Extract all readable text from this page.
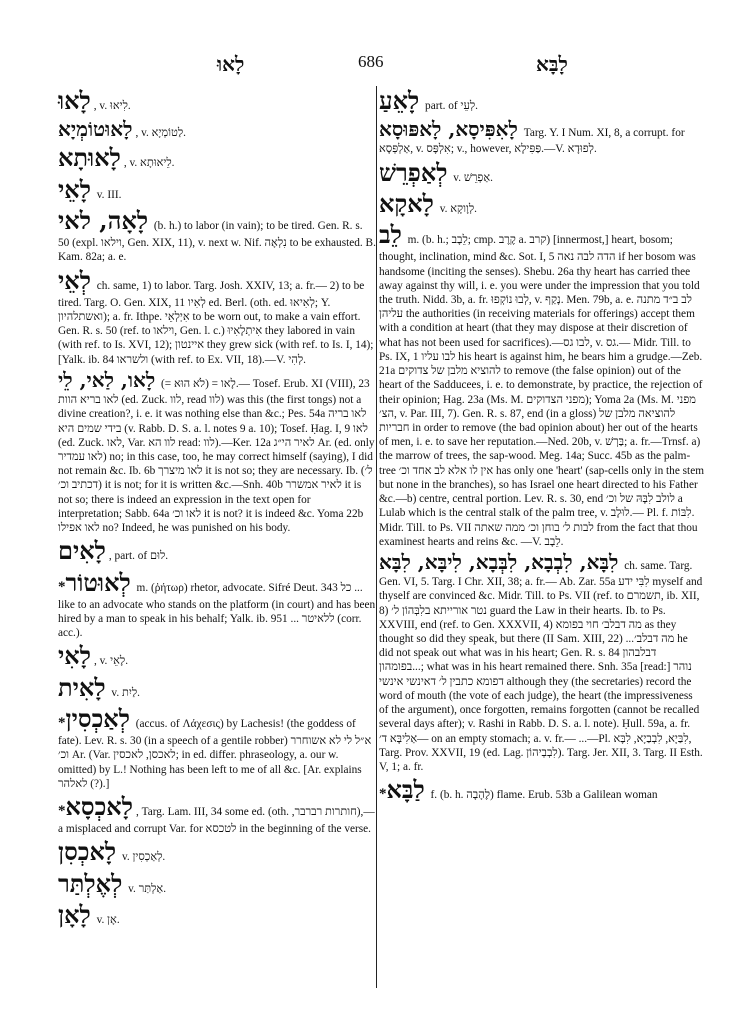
לָאוּ	686	לָבָּא
לָאוּ , v. לִיאוּ.
לָאוּטוֹמְיָא , v. לַטוֹמְיָא.
לָאוּתָא , v. לֵיאוּתָא.
לָאֵי v. III.
לָאָה, לאי (b. h.) to labor (in vain); to be tired. Gen. R. s. 50 (expl. וילאו, Gen. XIX, 11), v. next w. Nif. נִלְאָה to be exhausted. B. Kam. 82a; a. e.
לְאֵי ch. same, 1) to labor. Targ. Josh. XXIV, 13; a. fr.— 2) to be tired. Targ. O. Gen. XIX, 11 לְאִיו ed. Berl. (oth. ed. לְאִיאוּ; Y. ואשתלהיון); a. fr. Ithpe. אִיְלְאֵי to be worn out, to make a vain effort. Gen. R. s. 50 (ref. to וילאו, Gen. l. c.) אִיתְלָאִיוּ they labored in vain (with ref. to Is. XVI, 12); איינטון they grew sick (with ref. to Is. I, 14); [Yalk. ib. 84 ולשראו (with ref. to Ex. VII, 18).—V. לְהִי.
לָאו, לַאי, לֵי (= לֹא הוּא) = לָאו.— Tosef. Erub. XI (VIII), 23 לאו בריא הוות (ed. Zuck. לוו, read לוו) was this (the first tongs) not a divine creation?, i. e. it was nothing else than &c.; Pes. 54a לאו בריה בידי שמים היא (v. Rabb. D. S. a. l. notes 9 a. 10); Tosef. Ḥag. I, 9 לאו (ed. Zuck. לאו, Var. לוו הא read: לוו).—Ker. 12a לאיר הי״ג Ar. (ed. only לאו עמדיר) no; in this case, too, he may correct himself (saying), I did not remain &c. Ib. 6b לאו מיצרך it is not so; they are necessary. Ib. (ל׳ דכתיב וכ׳) it is not; for it is written &c.—Snh. 40b לאיר אמשרר it is not so; there is indeed an expression in the text open for interpretation; Sabb. 64a לאו וכ׳ it is not? it is indeed &c. Yoma 22b לאו אפילו no? Indeed, he was punished on his body.
לָאִים , part. of לוּם.
*לְאוּטוֹר m. (ῥήτωρ) rhetor, advocate. Sifré Deut. 343 כל ... like to an advocate who stands on the platform (in court) and has been hired by a man to speak in his behalf; Yalk. ib. 951 ... ללאיטר (corr. acc.).
לָאִי , v. לָאֵי.
לָאִית v. לַיִת.
*לְאַכְסִין (accus. of Λάχεσις) by Lachesis! (the goddess of fate). Lev. R. s. 30 (in a speech of a gentile robber) א״ל לי לא אשוחרר וכ׳ Ar. (Var. לאכסן, לאכסין; in ed. differ. phraseology, a. our w. omitted) by L.! Nothing has been left to me of all &c. [Ar. explains לאלהר (?).]
*לָאכְסָא , Targ. Lam. III, 34 some ed. (oth. ,חותרות רברבר),—a misplaced and corrupt Var. for לטכסא in the beginning of the verse.
לָאכְסִן v. לְאַכְסִין.
לְאֶלְתַּר v. אַלְתַּר.
לָאָן v. אָן.
לָאֵעַ part. of לְעֵי.
לָאִפִּיסָא, לָאפּוּסָא Targ. Y. I Num. XI, 8, a corrupt. for אַלְפְּסָא, v. אִלְפָּס; v., however, פַּפִּילָא.—V. לְפוּדָא.
לְאַפְרֵשׁ v. אַפְרֵשׁ.
לָאקָא v. לְוָוקָא.
לֵב m. (b. h.; לֵבָב; cmp. קֶרֶב a. קרב) [innermost,] heart, bosom; thought, inclination, mind &c. Sot. I, 5 הדה לבה נאה if her bosom was handsome (inciting the senses). Shebu. 26a thy heart has carried thee away against thy will, i. e. you were under the impression that you told the truth. Nidd. 3b, a. fr. לְבוּ נוֹקְפוּ, v. נָקַף. Men. 79b, a. e. לב ב״ד מתנה עליהן the authorities (in receiving materials for offerings) accept them with a condition at heart (that they may dispose at their discretion of what has not been used for sacrifices).—לבו גס, v. גס.— Midr. Till. to Ps. IX, 1 לבו עליו his heart is against him, he bears him a grudge.—Zeb. 21a להוציא מלבן של צדוקים to remove (the false opinion) out of the heart of the Sadducees, i. e. to demonstrate, by practice, the rejection of their opinion; Hag. 23a (Ms. M. מפני הצדוקים); Yoma 2a (Ms. M. מפני הצ׳, v. Par. III, 7). Gen. R. s. 87, end (in a gloss) להוציאה מלבן של חבריות in order to remove (the bad opinion about) her out of the hearts of men, i. e. to save her reputation.—Ned. 20b, v. בַּרְשׁ; a. fr.—Trnsf. a) the marrow of trees, the sap-wood. Meg. 14a; Succ. 45b as the palm-tree אין לו אלא לב אחד וכ׳ has only one 'heart' (sap-cells only in the stem but none in the branches), so has Israel one heart directed to his Father &c.—b) centre, central portion. Lev. R. s. 30, end לולב לִבָּהּ של וכ׳ a Lulab which is the central stalk of the palm tree, v. לוּלָב.— Pl. f. לִבּוֹת. Midr. Till. to Ps. VII לבות ל׳ בוחן וכ׳ ממה שאתה from the fact that thou examinest hearts and reins &c. —V. לֵבָב.
לִבָּא, לִבְבָא, לִבְּבָא, לִיבָּא, לִבָּא ch. same. Targ. Gen. VI, 5. Targ. I Chr. XII, 38; a. fr.— Ab. Zar. 55a לִבִּי ידע myself and thyself are convinced &c. Midr. Till. to Ps. VII (ref. to תשמרם, ib. XII, 8) נטר אורייתא בלִבְּהוֹן ל׳ guard the Law in their hearts. Ib. to Ps. XXVIII, end (ref. to Gen. XXXVII, 4) מה דבלב׳ חוי בפומא as they thought so did they speak, but there (II Sam. XIII, 22) ...מה דבלב׳ he did not speak out what was in his heart; Gen. R. s. 84 דבלבהון בפומהון...; what was in his heart remained there. Snh. 35a [read:] נוהר דפומא כתבין ל׳ דאינשי אינשי although they (the secretaries) record the word of mouth (the vote of each judge), the heart (the impressiveness of the argument), once forgotten, remains forgotten (cannot be recalled several days after); v. Rashi in Rabb. D. S. a. l. note). Ḥull. 59a, a. fr. אַלִיבָּא ד׳— on an empty stomach; a. v. fr.— ...—Pl. לִבַּיָא, לִבְבַיָא, לִבָּא, Targ. Prov. XXVII, 19 (ed. Lag. לִבְבְיהוֹן). Targ. Jer. XII, 3. Targ. II Esth. V, 1; a. fr.
*לַבָּא f. (b. h. לֶהָבָה) flame. Erub. 53b a Galilean woman
